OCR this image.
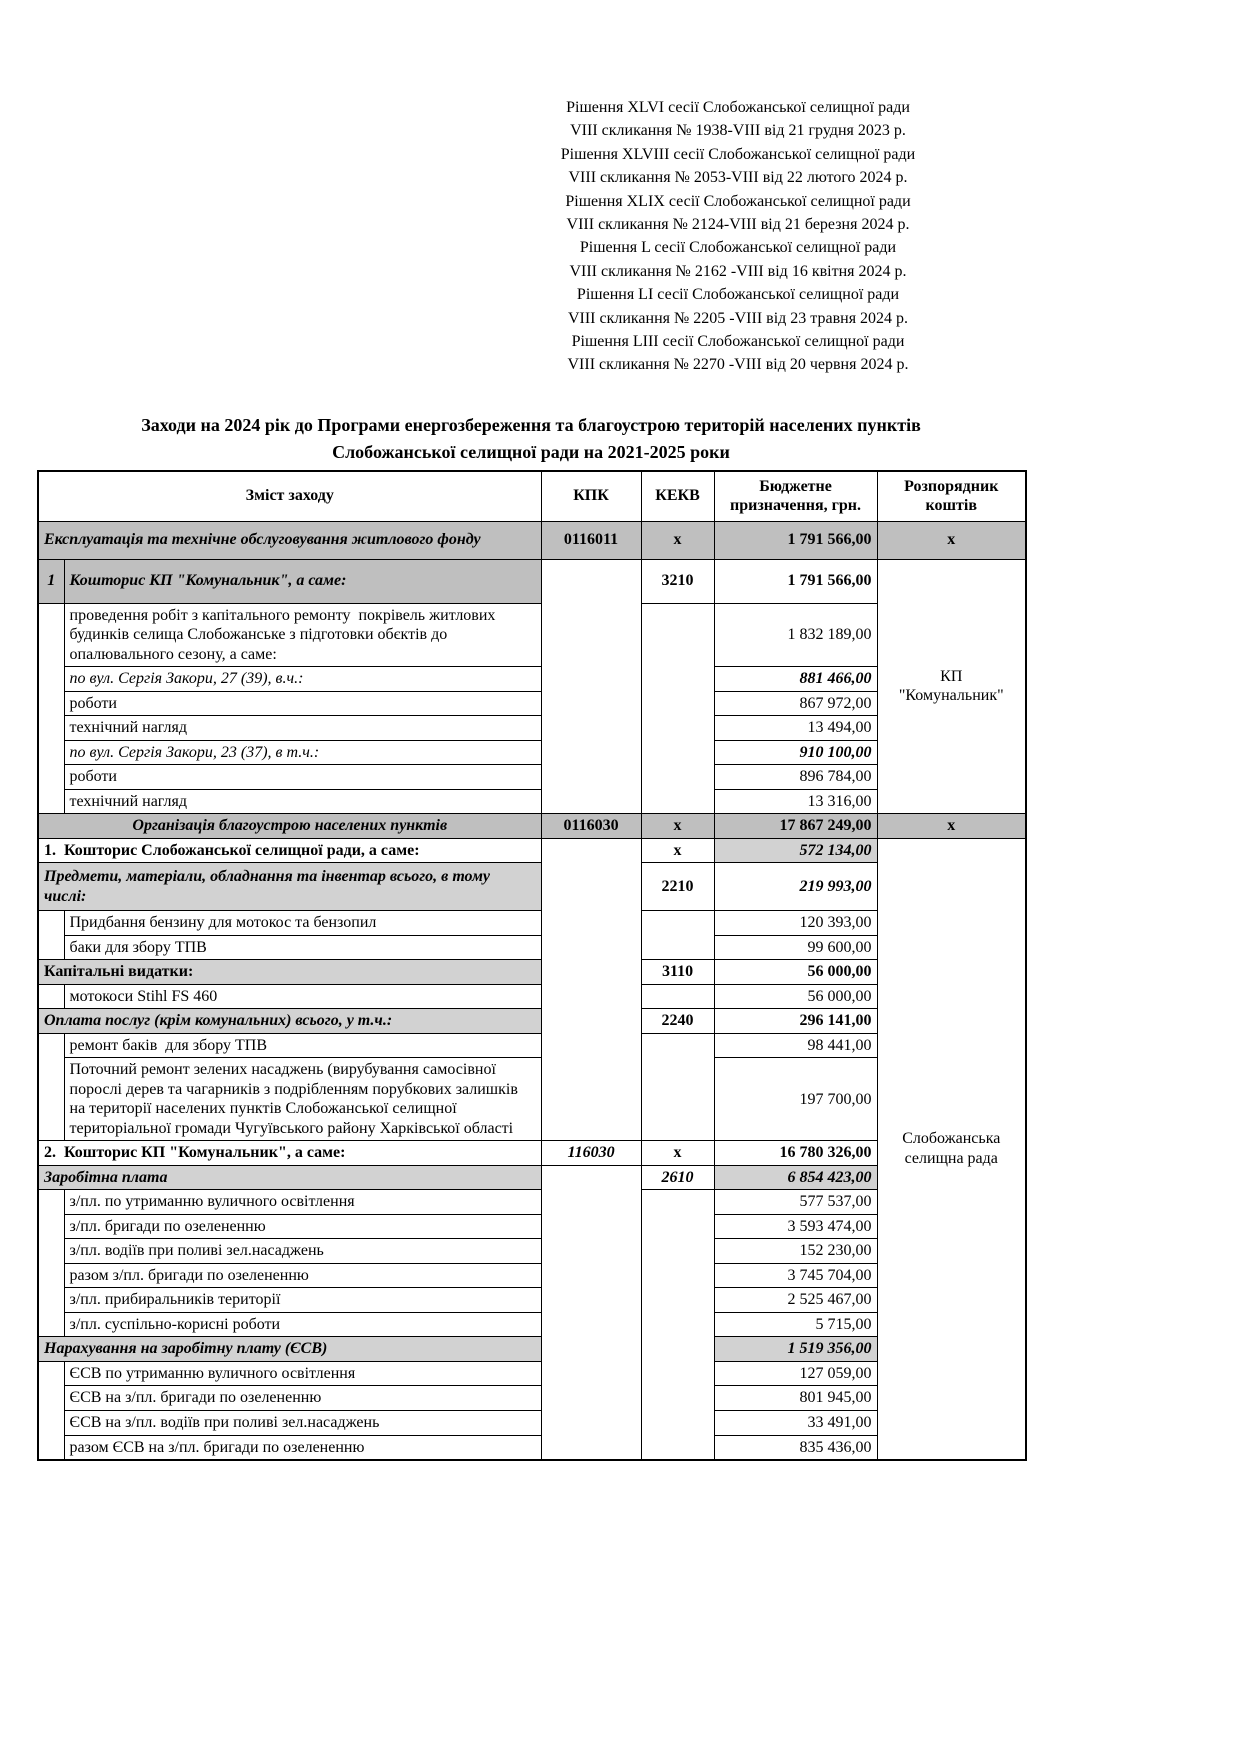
Рішення XLVI сесії Слобожанської селищної ради
VIII скликання № 1938-VIII від 21 грудня 2023 р.
Рішення XLVIII сесії Слобожанської селищної ради
VIII скликання № 2053-VIII від 22 лютого 2024 р.
Рішення XLIX сесії Слобожанської селищної ради
VIII скликання № 2124-VIII від 21 березня 2024 р.
Рішення L сесії Слобожанської селищної ради
VIII скликання № 2162 -VIII від 16 квітня 2024 р.
Рішення LI сесії Слобожанської селищної ради
VIII скликання № 2205 -VIII від 23 травня 2024 р.
Рішення LIII сесії Слобожанської селищної ради
VIII скликання № 2270 -VIII від 20 червня 2024 р.
Заходи на 2024 рік до Програми енергозбереження та благоустрою територій населених пунктів
Слобожанської селищної ради на 2021-2025 роки
Зміст заходу		КПК	КЕКВ	Бюджетне призначення, грн.	Розпорядник коштів
Експлуатація та технічне обслуговування житлового фонду		0116011	x	1 791 566,00	x
1	Кошторис КП "Комунальник", а саме:		3210	1 791 566,00	КП "Комунальник"

	проведення робіт з капітального ремонту  покрівель житлових будинків селища Слобожанське з підготовки обєктів до опалювального сезону, а саме:			1 832 189,00	
	по вул. Сергія Закори, 27 (39), в.ч.:			881 466,00	
	роботи			867 972,00	
	технічний нагляд			13 494,00	
	по вул. Сергія Закори, 23 (37), в т.ч.:			910 100,00	
	роботи			896 784,00	
	технічний нагляд			13 316,00	
Організація благоустрою населених пунктів		0116030	x	17 867 249,00	x
1.  Кошторис Слобожанської селищної ради, а саме:			x	572 134,00	Слобожанська селищна рада

Предмети, матеріали, обладнання та інвентар всього, в тому числі:			2210	219 993,00	
	Придбання бензину для мотокос та бензопил			120 393,00	
	баки для збору ТПВ			99 600,00	
Капітальні видатки:			3110	56 000,00	
	мотокоси Stihl FS 460			56 000,00	
Оплата послуг (крім комунальних) всього, у т.ч.:			2240	296 141,00	
	ремонт баків  для збору ТПВ			98 441,00	
	Поточний ремонт зелених насаджень (вирубування самосівної порослі дерев та чагарників з подрібленням порубкових залишків на території населених пунктів Слобожанської селищної територіальної громади Чугуївського району Харківської області			197 700,00	
2.  Кошторис КП "Комунальник", а саме:		116030	x	16 780 326,00	
Заробітна плата			2610	6 854 423,00	
	з/пл. по утриманню вуличного освітлення			577 537,00	
	з/пл. бригади по озелененню			3 593 474,00	
	з/пл. водіїв при поливі зел.насаджень			152 230,00	
	разом з/пл. бригади по озелененню			3 745 704,00	
	з/пл. прибиральників території			2 525 467,00	
	з/пл. суспільно-корисні роботи			5 715,00	
Нарахування на заробітну плату (ЄСВ)				1 519 356,00	
	ЄСВ по утриманню вуличного освітлення			127 059,00	
	ЄСВ на з/пл. бригади по озелененню			801 945,00	
	ЄСВ на з/пл. водіїв при поливі зел.насаджень			33 491,00	
	разом ЄСВ на з/пл. бригади по озелененню			835 436,00	
